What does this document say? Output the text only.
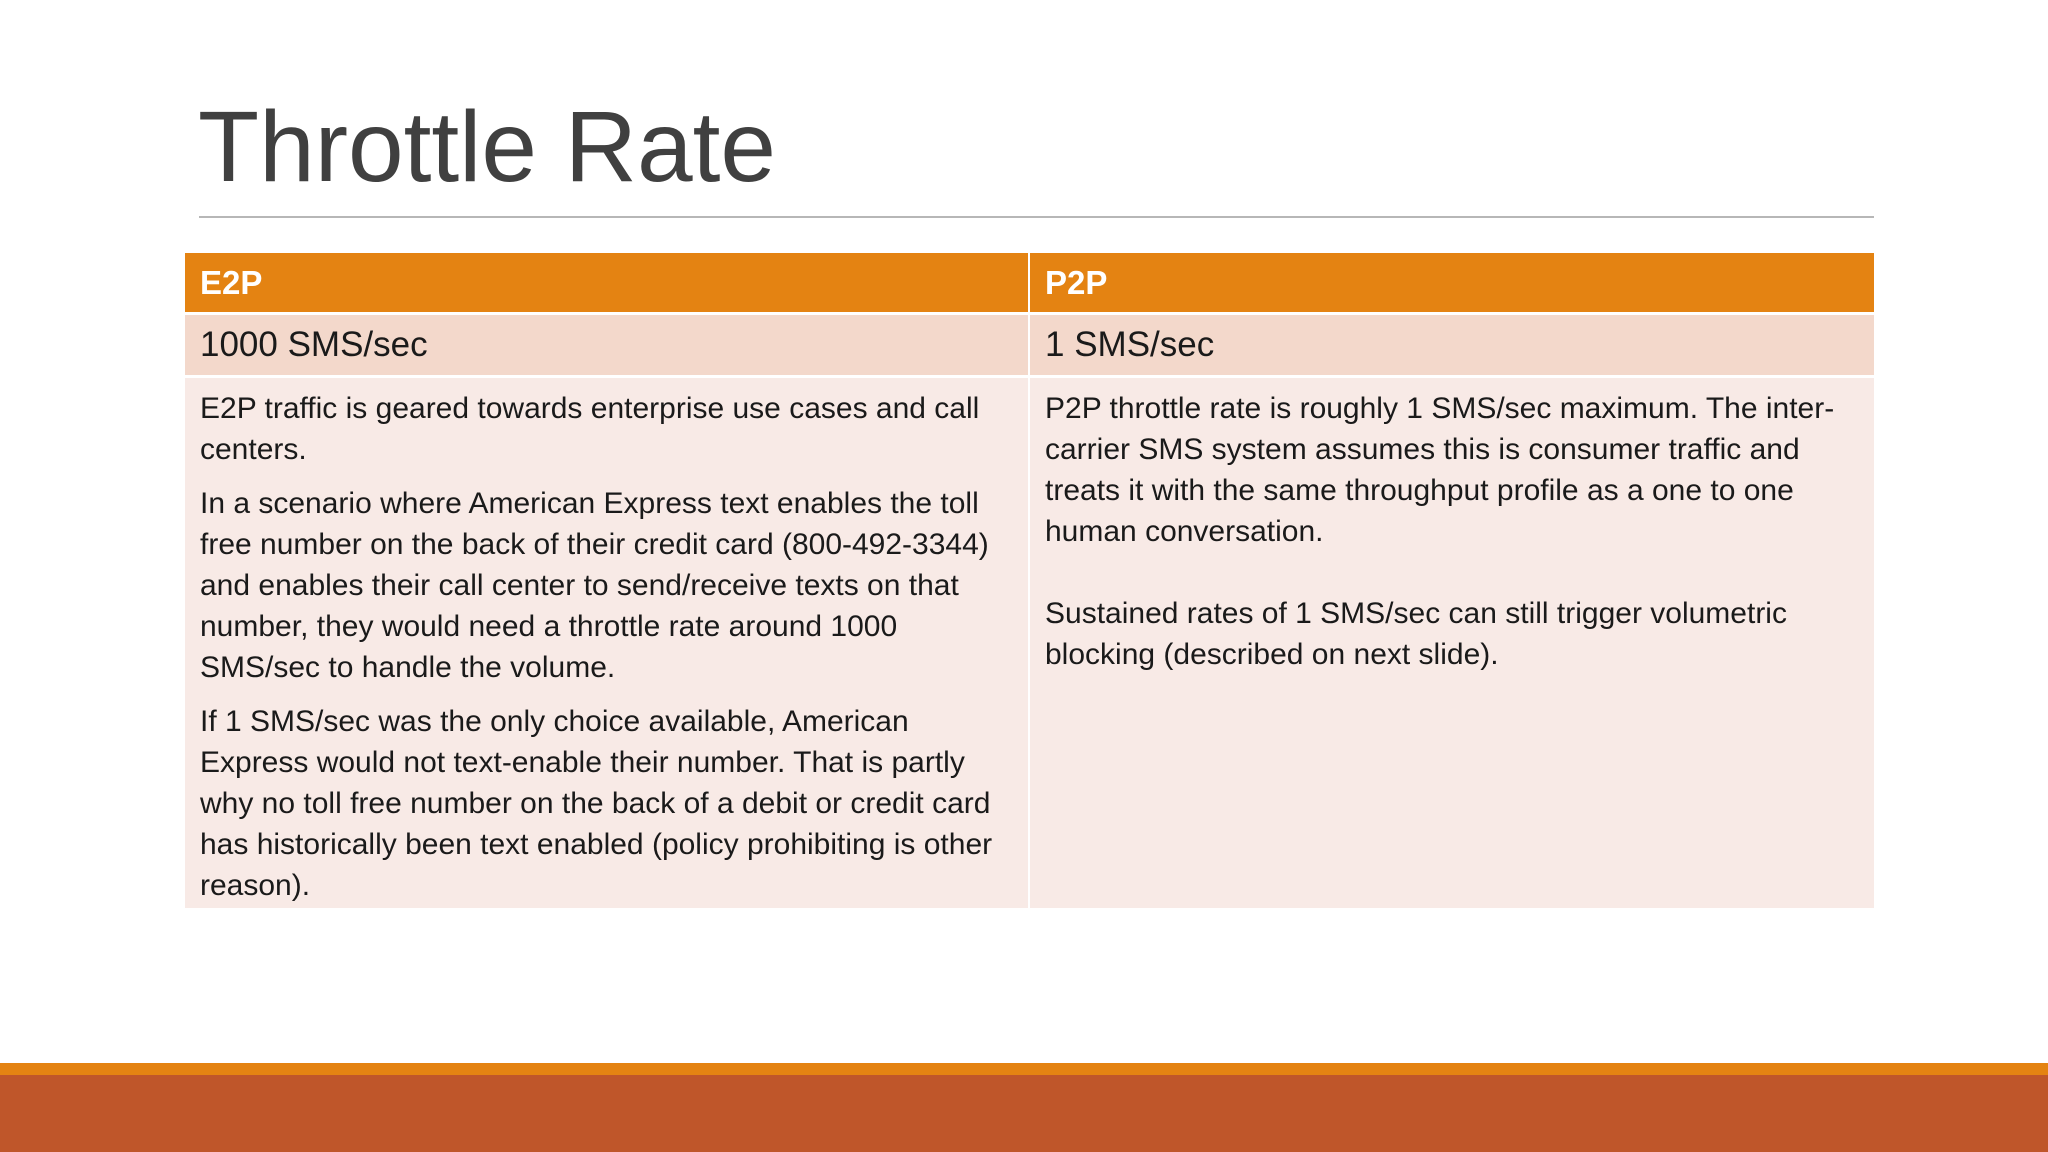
Throttle Rate
E2P	P2P
1000 SMS/sec	1 SMS/sec

E2P traffic is geared towards enterprise use cases and call centers.

In a scenario where American Express text enables the toll free number on the back of their credit card (800-492-3344) and enables their call center to send/receive texts on that number, they would need a throttle rate around 1000 SMS/sec to handle the volume.

If 1 SMS/sec was the only choice available, American Express would not text-enable their number. That is partly why no toll free number on the back of a debit or credit card has historically been text enabled (policy prohibiting is other reason).

P2P throttle rate is roughly 1 SMS/sec maximum. The inter-carrier SMS system assumes this is consumer traffic and treats it with the same throughput profile as a one to one human conversation.

Sustained rates of 1 SMS/sec can still trigger volumetric blocking (described on next slide).
